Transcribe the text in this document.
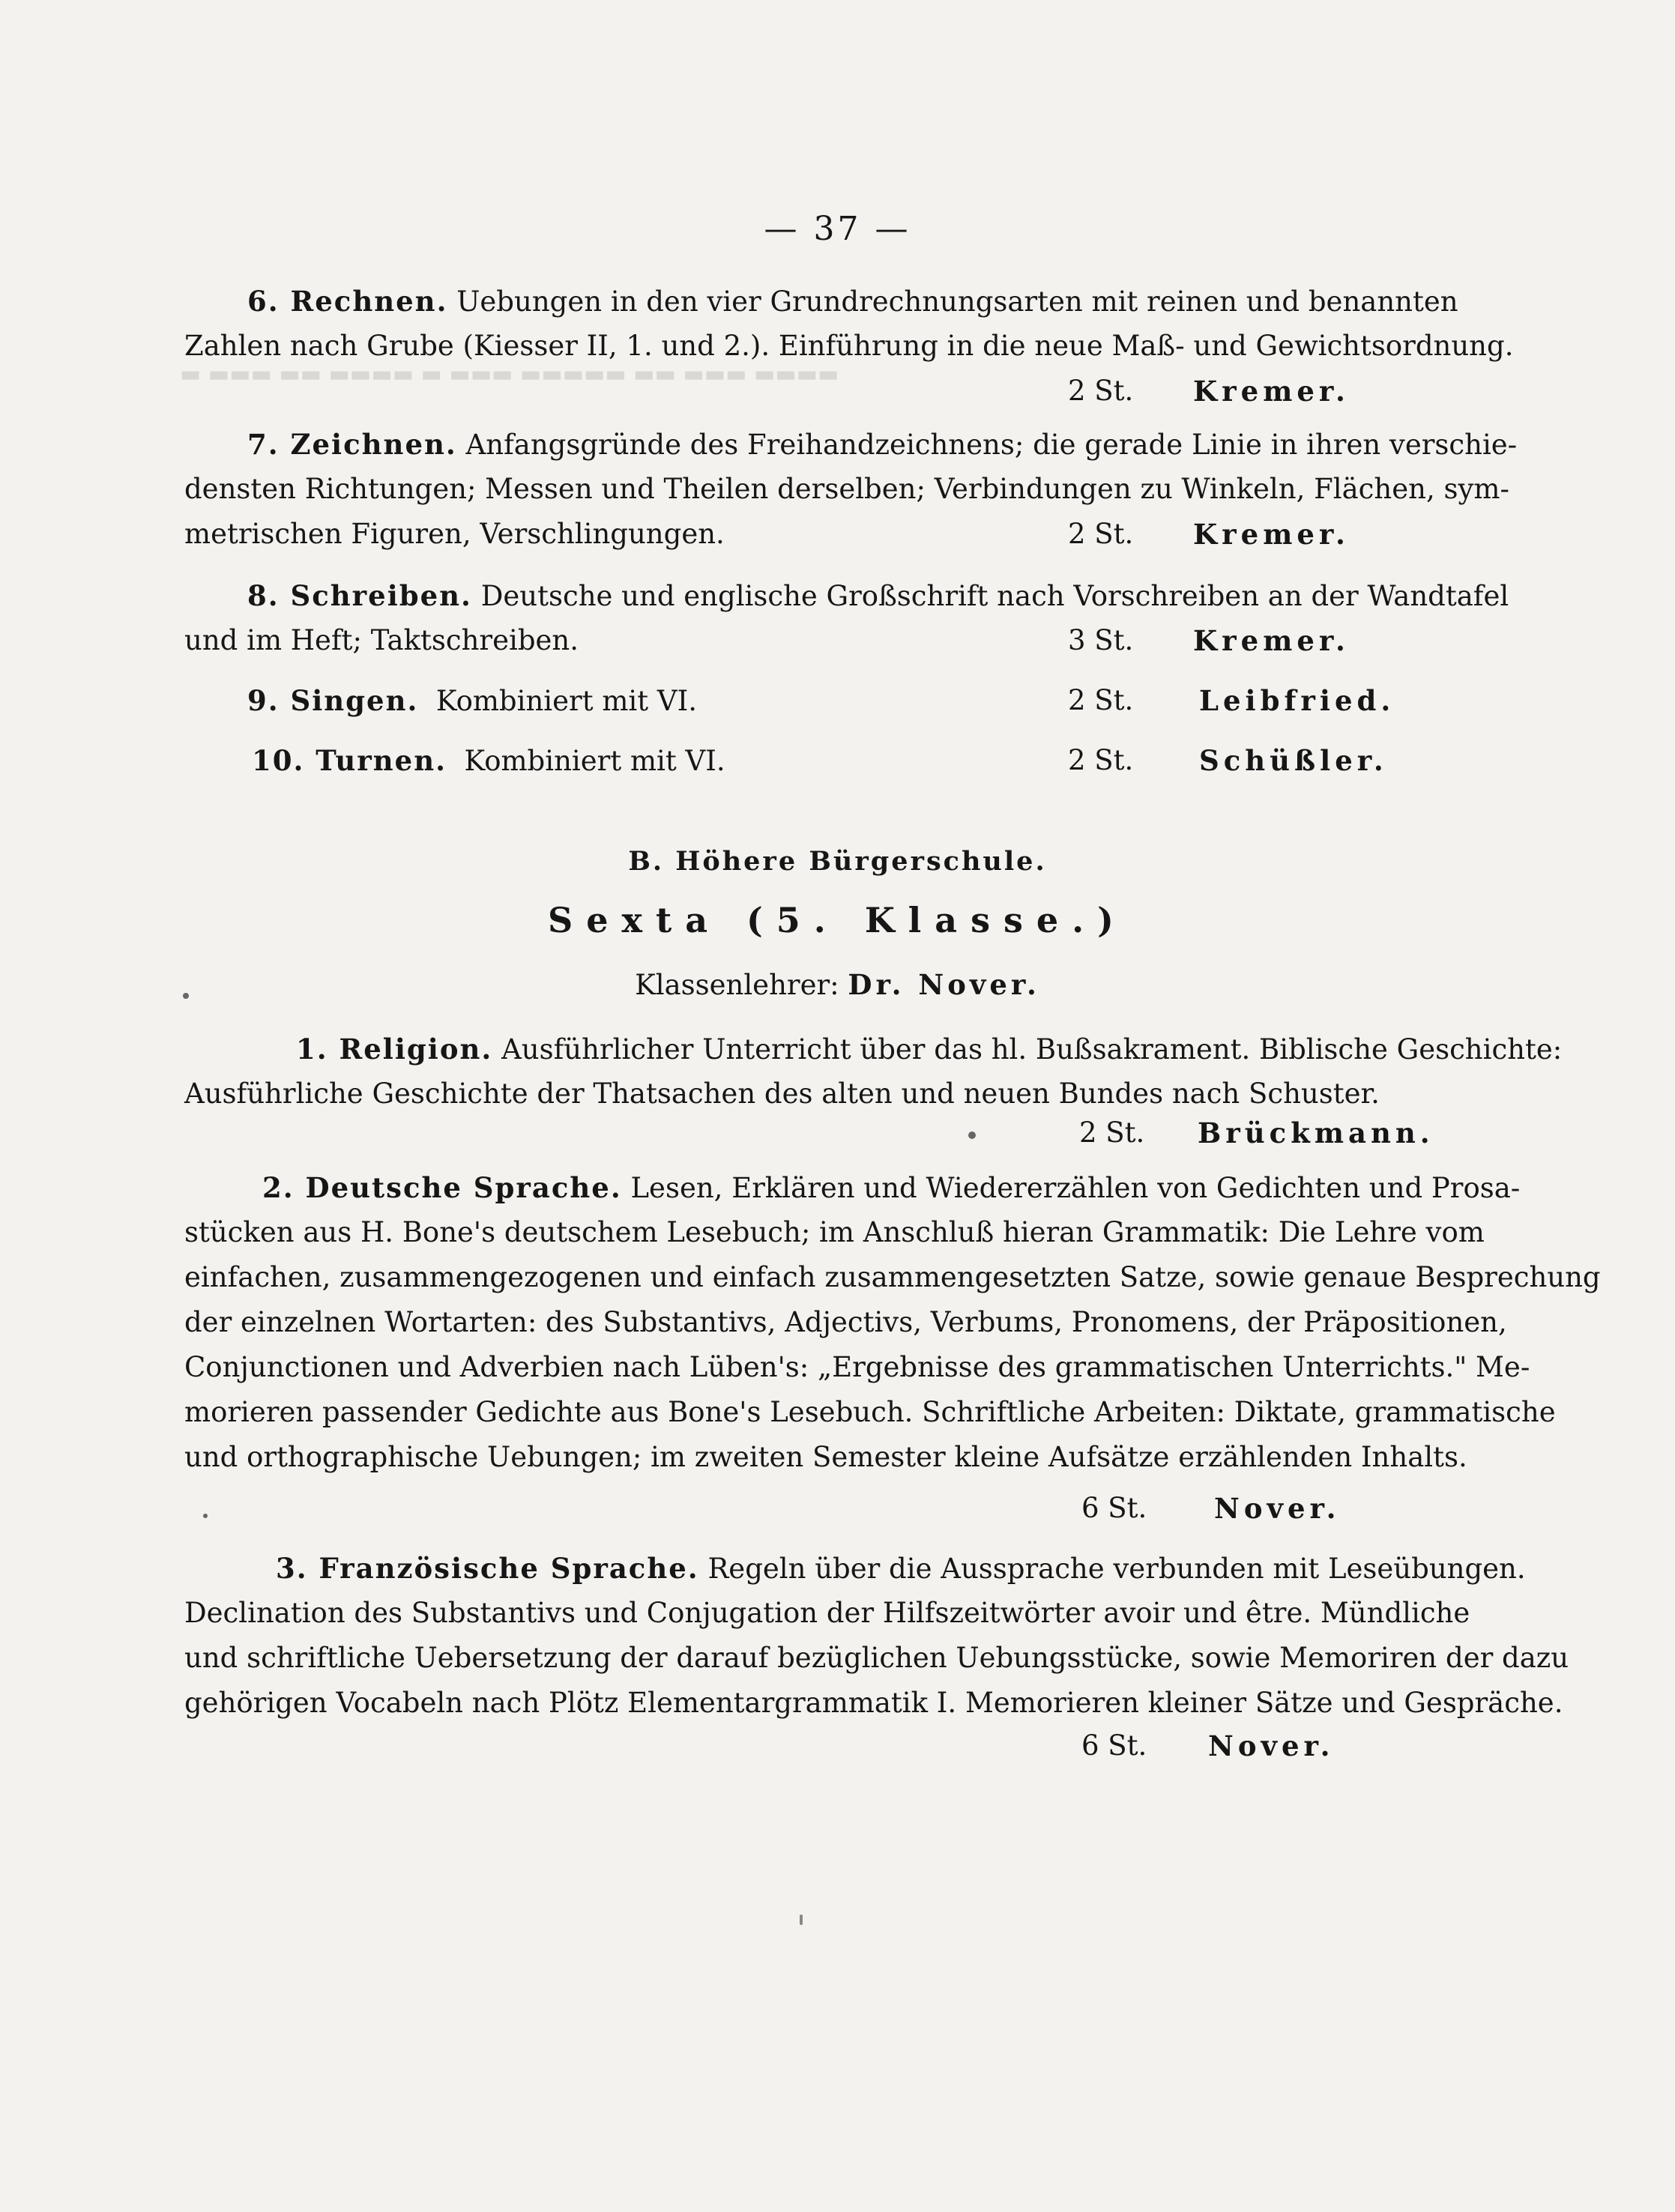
▬ ▬▬▬ ▬▬ ▬▬▬▬ ▬ ▬▬▬ ▬▬▬▬▬ ▬▬ ▬▬▬ ▬▬▬▬
— 37 —
6. Rechnen. Uebungen in den vier Grundrechnungsarten mit reinen und benannten
Zahlen nach Grube (Kiesser II, 1. und 2.). Einführung in die neue Maß- und Gewichtsordnung.
2 St.	Kremer.
7. Zeichnen. Anfangsgründe des Freihandzeichnens; die gerade Linie in ihren verschie-
densten Richtungen; Messen und Theilen derselben; Verbindungen zu Winkeln, Flächen, sym-
metrischen Figuren, Verschlingungen.	2 St.	Kremer.
8. Schreiben. Deutsche und englische Großschrift nach Vorschreiben an der Wandtafel
und im Heft; Taktschreiben.	3 St.	Kremer.
9. Singen. Kombiniert mit VI.	2 St.	Leibfried.
10. Turnen. Kombiniert mit VI.	2 St.	Schüßler.
B. Höhere Bürgerschule.
Sexta (5. Klasse.)
Klassenlehrer: Dr. Nover.
1. Religion. Ausführlicher Unterricht über das hl. Bußsakrament. Biblische Geschichte:
Ausführliche Geschichte der Thatsachen des alten und neuen Bundes nach Schuster.
2 St.	Brückmann.
2. Deutsche Sprache. Lesen, Erklären und Wiedererzählen von Gedichten und Prosa-
stücken aus H. Bone's deutschem Lesebuch; im Anschluß hieran Grammatik: Die Lehre vom
einfachen, zusammengezogenen und einfach zusammengesetzten Satze, sowie genaue Besprechung
der einzelnen Wortarten: des Substantivs, Adjectivs, Verbums, Pronomens, der Präpositionen,
Conjunctionen und Adverbien nach Lüben's: „Ergebnisse des grammatischen Unterrichts." Me-
morieren passender Gedichte aus Bone's Lesebuch. Schriftliche Arbeiten: Diktate, grammatische
und orthographische Uebungen; im zweiten Semester kleine Aufsätze erzählenden Inhalts.
6 St.	Nover.
3. Französische Sprache. Regeln über die Aussprache verbunden mit Leseübungen.
Declination des Substantivs und Conjugation der Hilfszeitwörter avoir und être. Mündliche
und schriftliche Uebersetzung der darauf bezüglichen Uebungsstücke, sowie Memoriren der dazu
gehörigen Vocabeln nach Plötz Elementargrammatik I. Memorieren kleiner Sätze und Gespräche.
6 St.	Nover.
